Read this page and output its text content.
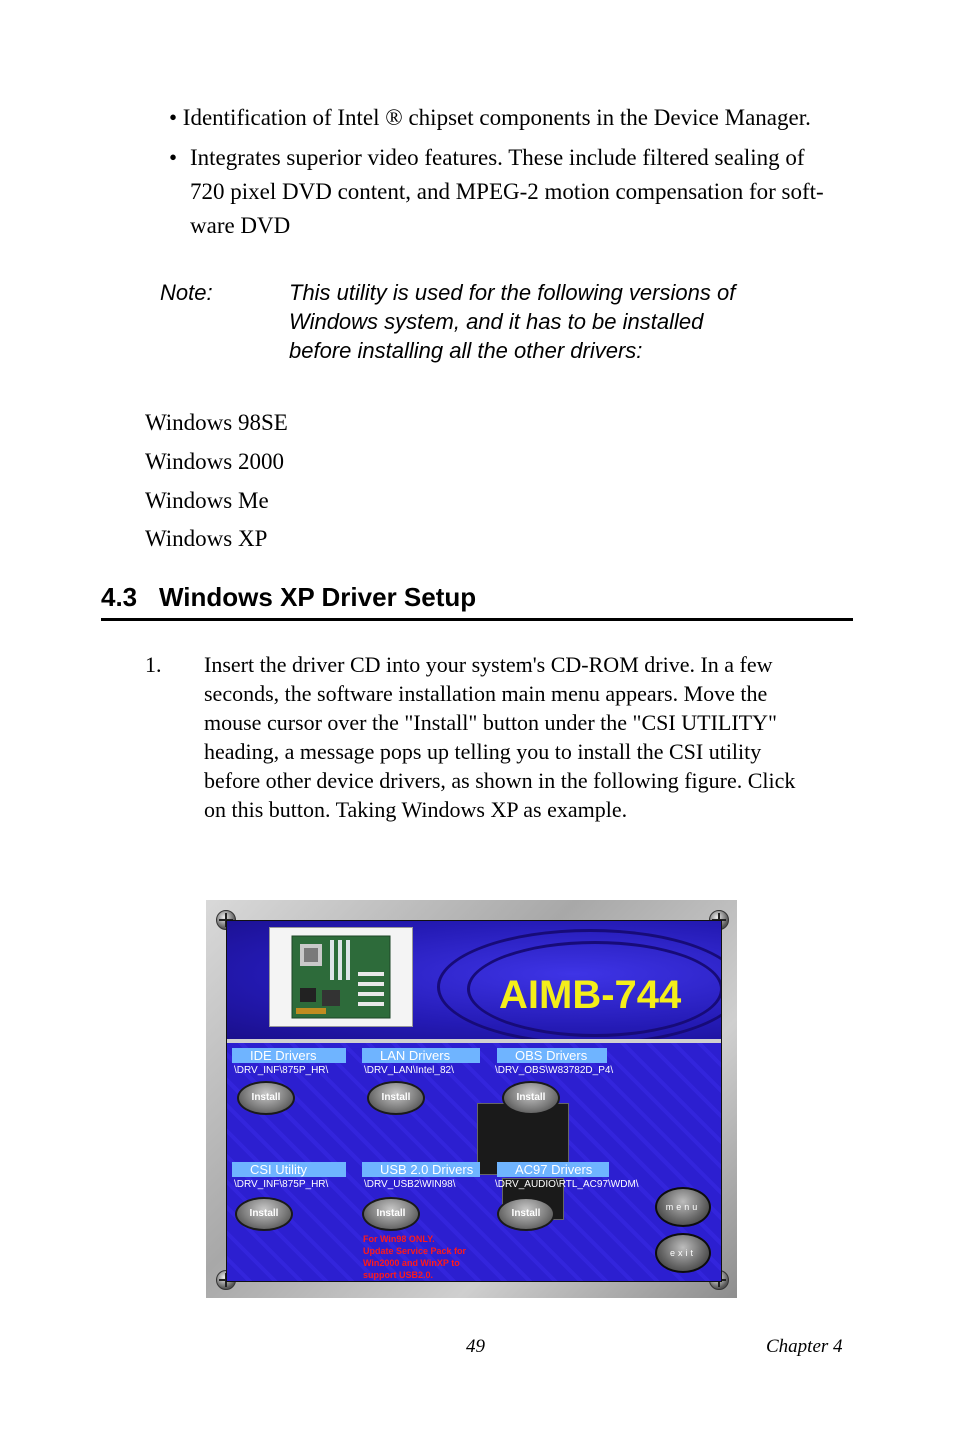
• Identification of Intel ® chipset components in the Device Manager.
• Integrates superior video features. These include filtered sealing of
720 pixel DVD content, and MPEG-2 motion compensation for soft-
ware DVD
Note:	This utility is used for the following versions of
Windows system, and it has to be installed
before installing all the other drivers:
Windows 98SE
Windows 2000
Windows Me
Windows XP
4.3 Windows XP Driver Setup
1. Insert the driver CD into your system's CD-ROM drive. In a few
seconds, the software installation main menu appears. Move the
mouse cursor over the "Install" button under the "CSI UTILITY"
heading, a message pops up telling you to install the CSI utility
before other device drivers, as shown in the following figure. Click
on this button. Taking Windows XP as example.
AIMB-744
IDE Drivers
\DRV_INF\875P_HR\
Install
LAN Drivers
\DRV_LAN\Intel_82\
Install
OBS Drivers
\DRV_OBS\W83782D_P4\
Install
CSI Utility
\DRV_INF\875P_HR\
Install
USB 2.0 Drivers
\DRV_USB2\WIN98\
Install
AC97 Drivers
\DRV_AUDIO\RTL_AC97\WDM\
Install
For Win98 ONLY.
Update Service Pack for
Win2000 and WinXP to
support USB2.0.
menu
exit
49	Chapter 4
